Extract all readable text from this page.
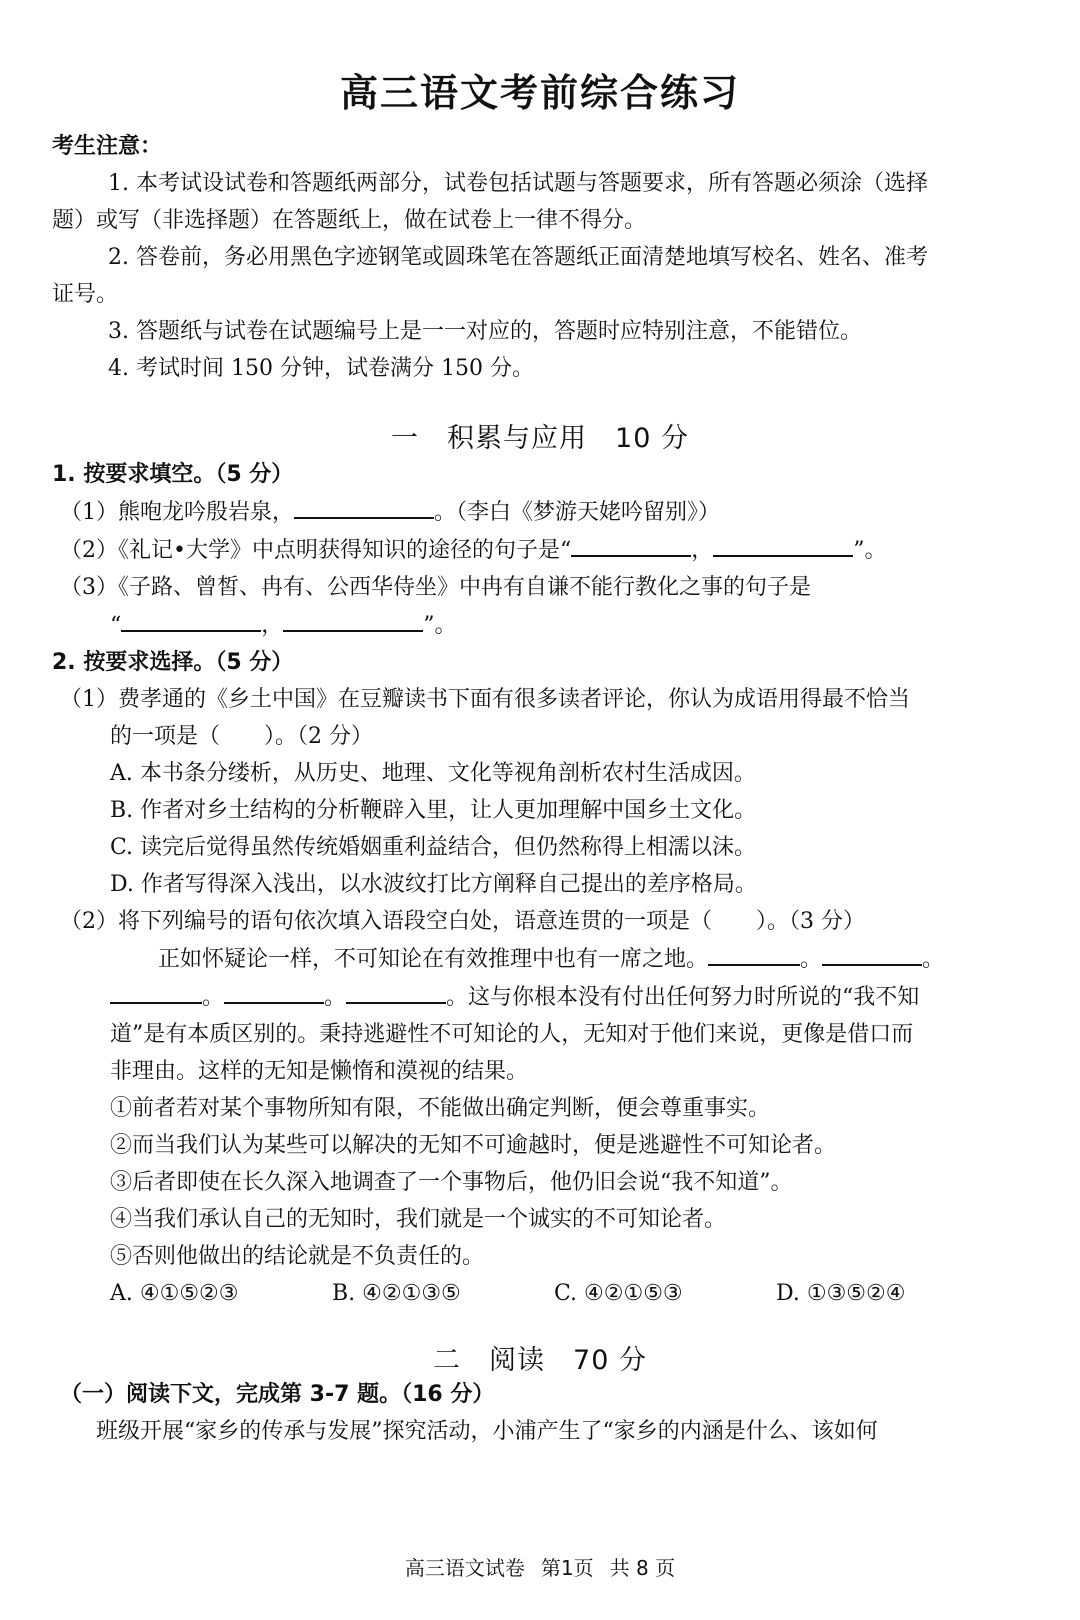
高三语文考前综合练习
考生注意：
1. 本考试设试卷和答题纸两部分，试卷包括试题与答题要求，所有答题必须涂（选择
题）或写（非选择题）在答题纸上，做在试卷上一律不得分。
2. 答卷前，务必用黑色字迹钢笔或圆珠笔在答题纸正面清楚地填写校名、姓名、准考
证号。
3. 答题纸与试卷在试题编号上是一一对应的，答题时应特别注意，不能错位。
4. 考试时间 150 分钟，试卷满分 150 分。
一　积累与应用　10 分
1. 按要求填空。（5 分）
（1）熊咆龙吟殷岩泉，	。（李白《梦游天姥吟留别》）
（2）《礼记•大学》中点明获得知识的途径的句子是“	，	”。
（3）《子路、曾皙、冉有、公西华侍坐》中冉有自谦不能行教化之事的句子是
“	，	”。
2. 按要求选择。（5 分）
（1）费孝通的《乡土中国》在豆瓣读书下面有很多读者评论，你认为成语用得最不恰当
的一项是（　　）。（2 分）
A. 本书条分缕析，从历史、地理、文化等视角剖析农村生活成因。
B. 作者对乡土结构的分析鞭辟入里，让人更加理解中国乡土文化。
C. 读完后觉得虽然传统婚姻重利益结合，但仍然称得上相濡以沫。
D. 作者写得深入浅出，以水波纹打比方阐释自己提出的差序格局。
（2）将下列编号的语句依次填入语段空白处，语意连贯的一项是（　　）。（3 分）
正如怀疑论一样，不可知论在有效推理中也有一席之地。	。	。
。	。	。这与你根本没有付出任何努力时所说的“我不知
道”是有本质区别的。秉持逃避性不可知论的人，无知对于他们来说，更像是借口而
非理由。这样的无知是懒惰和漠视的结果。
①前者若对某个事物所知有限，不能做出确定判断，便会尊重事实。
②而当我们认为某些可以解决的无知不可逾越时，便是逃避性不可知论者。
③后者即使在长久深入地调查了一个事物后，他仍旧会说“我不知道”。
④当我们承认自己的无知时，我们就是一个诚实的不可知论者。
⑤否则他做出的结论就是不负责任的。
A. ④①⑤②③	B. ④②①③⑤	C. ④②①⑤③	D. ①③⑤②④
二　阅读　70 分
（一）阅读下文，完成第 3-7 题。（16 分）
班级开展“家乡的传承与发展”探究活动，小浦产生了“家乡的内涵是什么、该如何
高三语文试卷 第1页 共 8 页
